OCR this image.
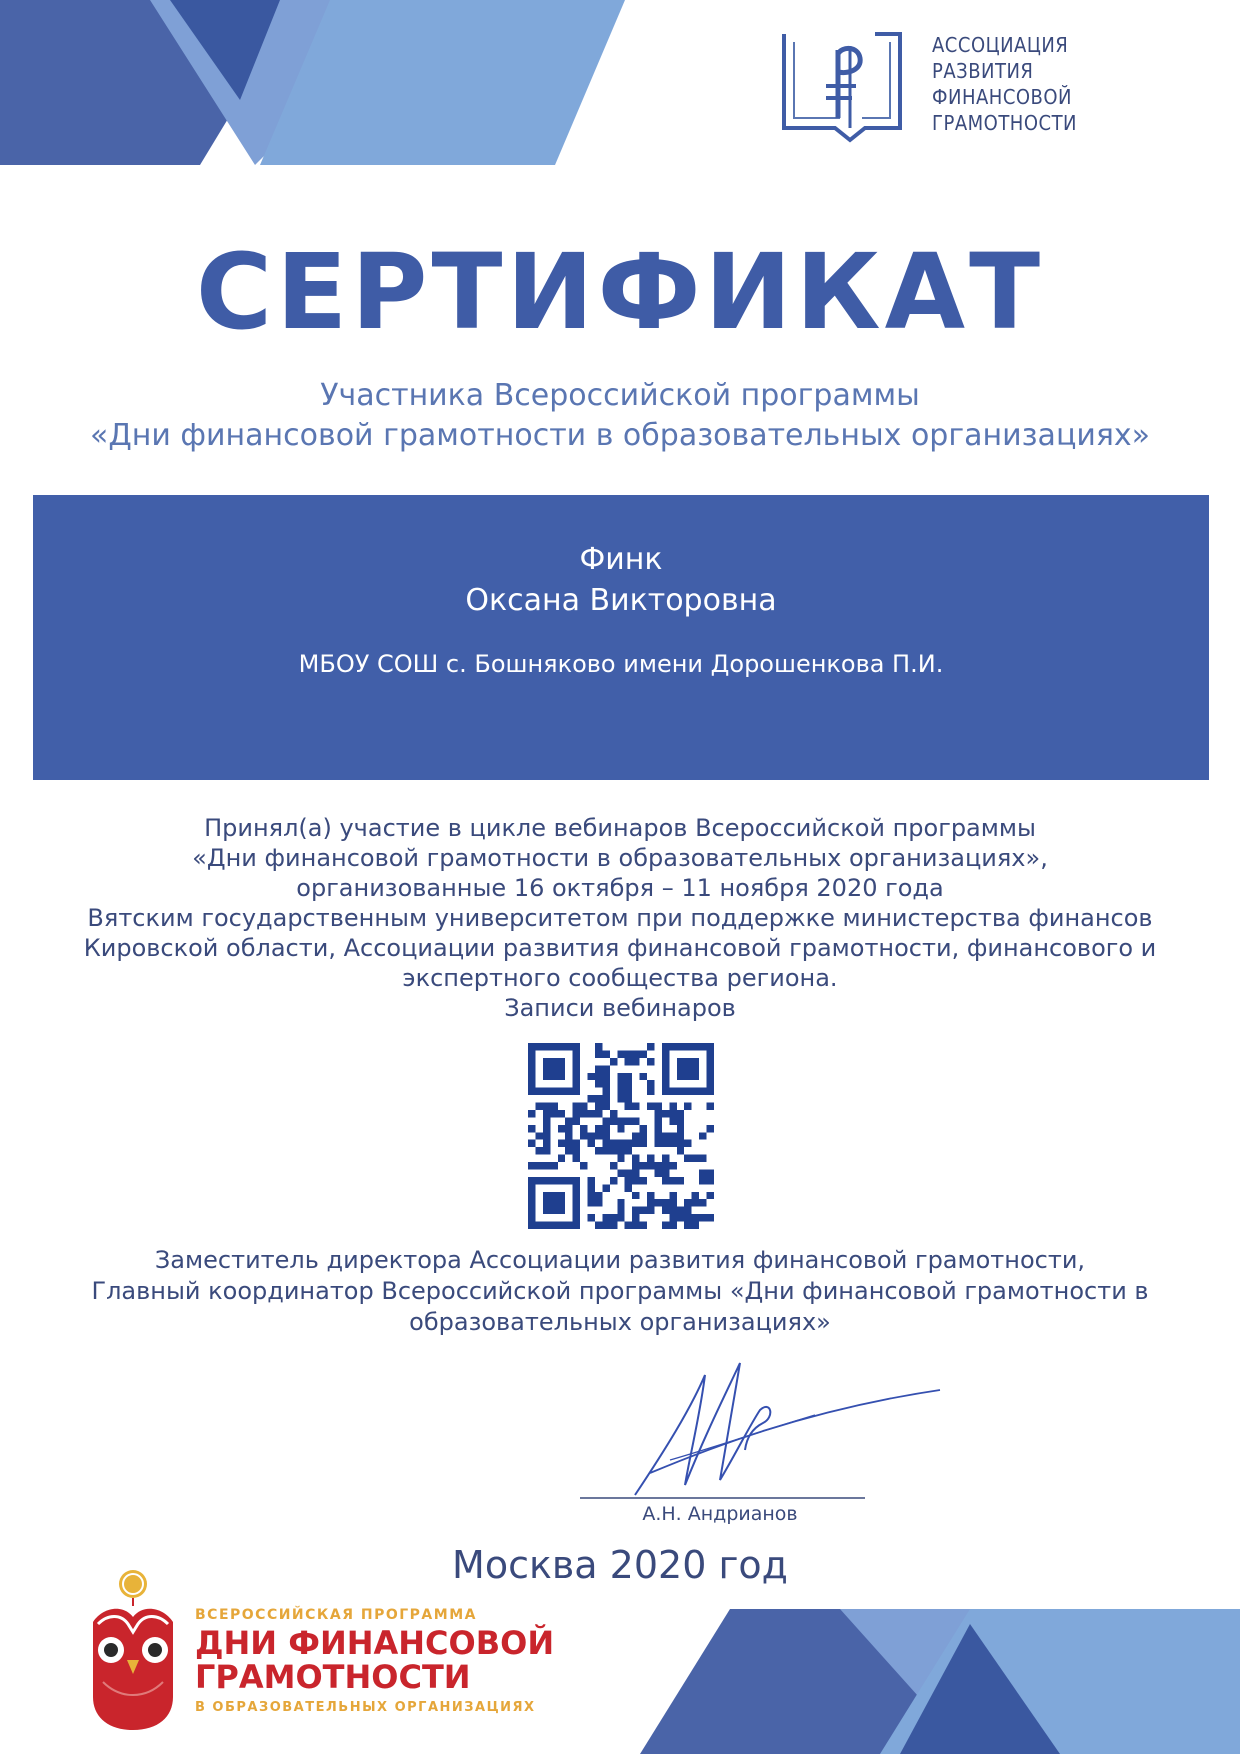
АССОЦИАЦИЯ
РАЗВИТИЯ
ФИНАНСОВОЙ
ГРАМОТНОСТИ
СЕРТИФИКАТ
Участника Всероссийской программы
«Дни финансовой грамотности в образовательных организациях»
Финк
Оксана Викторовна
МБОУ СОШ с. Бошняково имени Дорошенкова П.И.
Принял(а) участие в цикле вебинаров Всероссийской программы
«Дни финансовой грамотности в образовательных организациях»,
организованные 16 октября – 11 ноября 2020 года
Вятским государственным университетом при поддержке министерства финансов
Кировской области, Ассоциации развития финансовой грамотности, финансового и
экспертного сообщества региона.
Записи вебинаров
Заместитель директора Ассоциации развития финансовой грамотности,
Главный координатор Всероссийской программы «Дни финансовой грамотности в
образовательных организациях»
А.Н. Андрианов
Москва 2020 год
ВСЕРОССИЙСКАЯ ПРОГРАММА
ДНИ ФИНАНСОВОЙ
ГРАМОТНОСТИ
В ОБРАЗОВАТЕЛЬНЫХ ОРГАНИЗАЦИЯХ
